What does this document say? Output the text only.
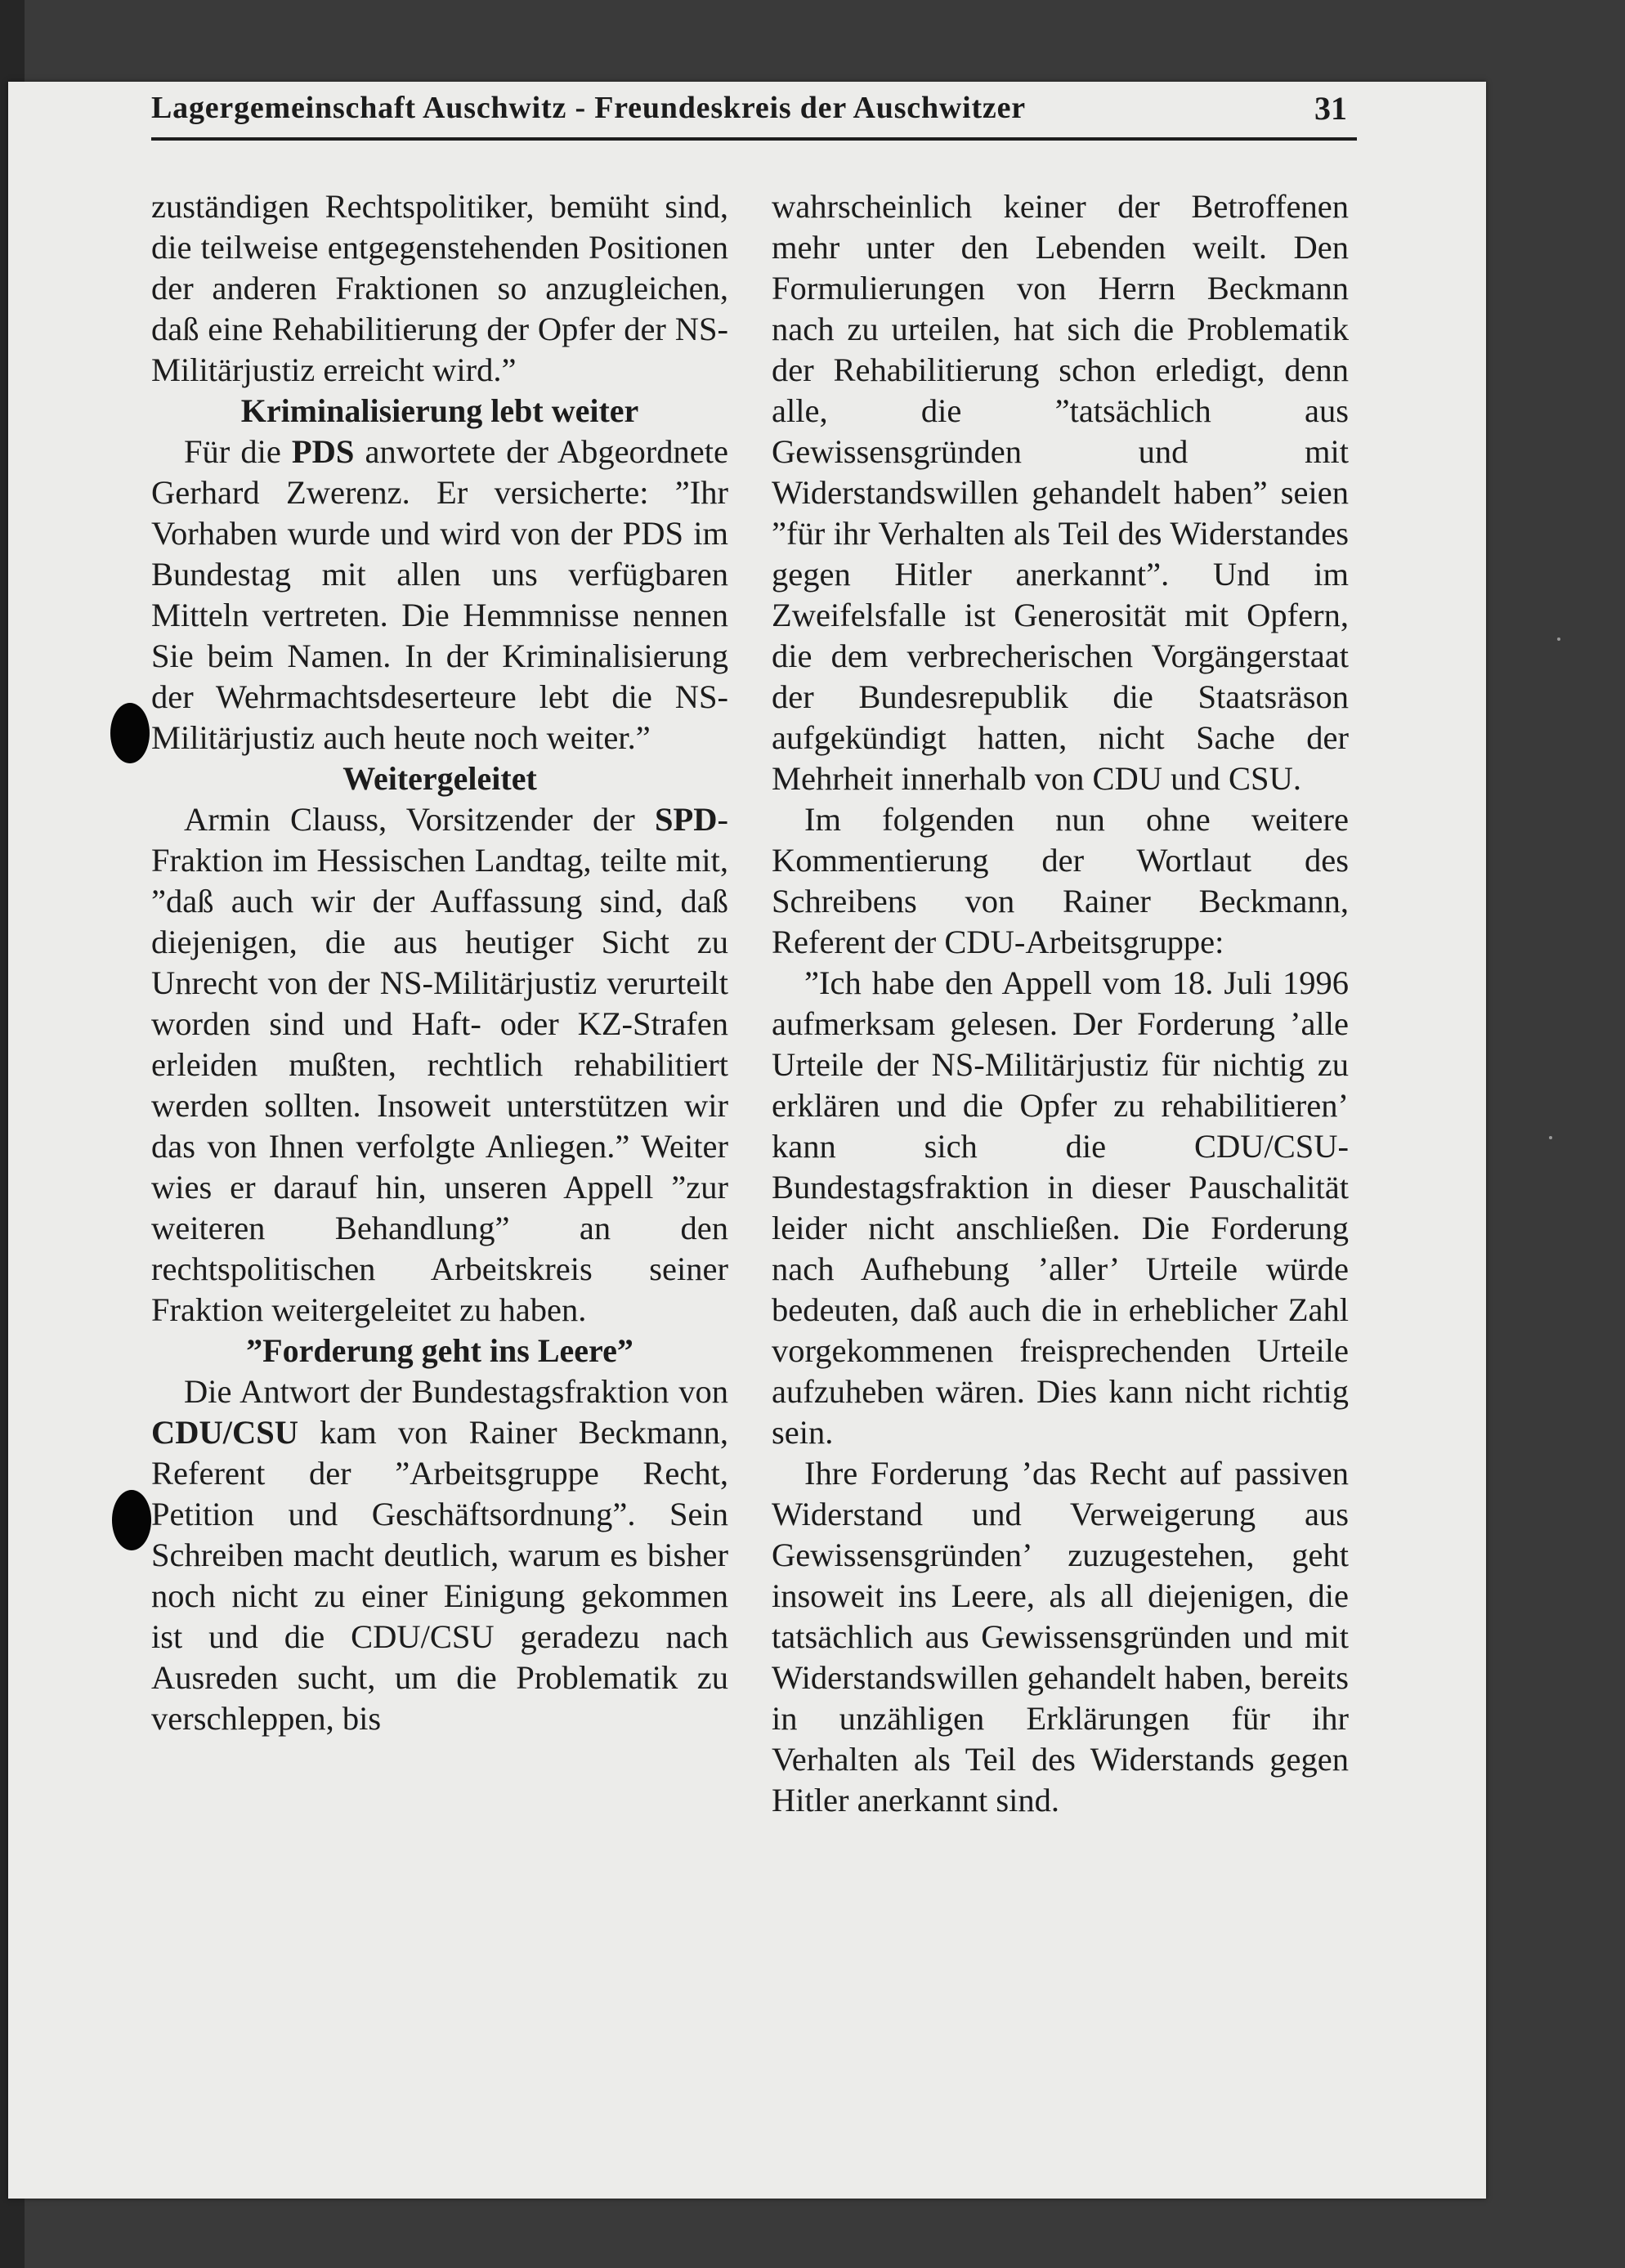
Lagergemeinschaft Auschwitz - Freundeskreis der Auschwitzer	31

zuständigen Rechtspolitiker, bemüht sind, die teilweise entgegenstehenden Positionen der anderen Fraktionen so anzugleichen, daß eine Rehabilitierung der Opfer der NS-Militärjustiz erreicht wird.”

Kriminalisierung lebt weiter

Für die PDS anwortete der Abgeordnete Gerhard Zwerenz. Er versicherte: ”Ihr Vorhaben wurde und wird von der PDS im Bundestag mit allen uns verfügbaren Mitteln vertreten. Die Hemmnisse nennen Sie beim Namen. In der Kriminalisierung der Wehrmachtsdeserteure lebt die NS-Militärjustiz auch heute noch weiter.”

Weitergeleitet

Armin Clauss, Vorsitzender der SPD-Fraktion im Hessischen Landtag, teilte mit, ”daß auch wir der Auffassung sind, daß diejenigen, die aus heutiger Sicht zu Unrecht von der NS-Militärjustiz verurteilt worden sind und Haft- oder KZ-Strafen erleiden mußten, rechtlich rehabilitiert werden sollten. Insoweit unterstützen wir das von Ihnen verfolgte Anliegen.” Weiter wies er darauf hin, unseren Appell ”zur weiteren Behandlung” an den rechtspolitischen Arbeitskreis seiner Fraktion weitergeleitet zu haben.

”Forderung geht ins Leere”

Die Antwort der Bundestagsfraktion von CDU/CSU kam von Rainer Beckmann, Referent der ”Arbeitsgruppe Recht, Petition und Geschäftsordnung”. Sein Schreiben macht deutlich, warum es bisher noch nicht zu einer Einigung gekommen ist und die CDU/CSU geradezu nach Ausreden sucht, um die Problematik zu verschleppen, bis

wahrscheinlich keiner der Betroffenen mehr unter den Lebenden weilt. Den Formulierungen von Herrn Beckmann nach zu urteilen, hat sich die Problematik der Rehabilitierung schon erledigt, denn alle, die ”tatsächlich aus Gewissensgründen und mit Widerstandswillen gehandelt haben” seien ”für ihr Verhalten als Teil des Widerstandes gegen Hitler anerkannt”. Und im Zweifelsfalle ist Generosität mit Opfern, die dem verbrecherischen Vorgängerstaat der Bundesrepublik die Staatsräson aufgekündigt hatten, nicht Sache der Mehrheit innerhalb von CDU und CSU.

Im folgenden nun ohne weitere Kommentierung der Wortlaut des Schreibens von Rainer Beckmann, Referent der CDU-Arbeitsgruppe:

”Ich habe den Appell vom 18. Juli 1996 aufmerksam gelesen. Der Forderung ’alle Urteile der NS-Militärjustiz für nichtig zu erklären und die Opfer zu rehabilitieren’ kann sich die CDU/CSU-Bundestagsfraktion in dieser Pauschalität leider nicht anschließen. Die Forderung nach Aufhebung ’aller’ Urteile würde bedeuten, daß auch die in erheblicher Zahl vorgekommenen freisprechenden Urteile aufzuheben wären. Dies kann nicht richtig sein.

Ihre Forderung ’das Recht auf passiven Widerstand und Verweigerung aus Gewissensgründen’ zuzugestehen, geht insoweit ins Leere, als all diejenigen, die tatsächlich aus Gewissensgründen und mit Widerstandswillen gehandelt haben, bereits in unzähligen Erklärungen für ihr Verhalten als Teil des Widerstands gegen Hitler anerkannt sind.
